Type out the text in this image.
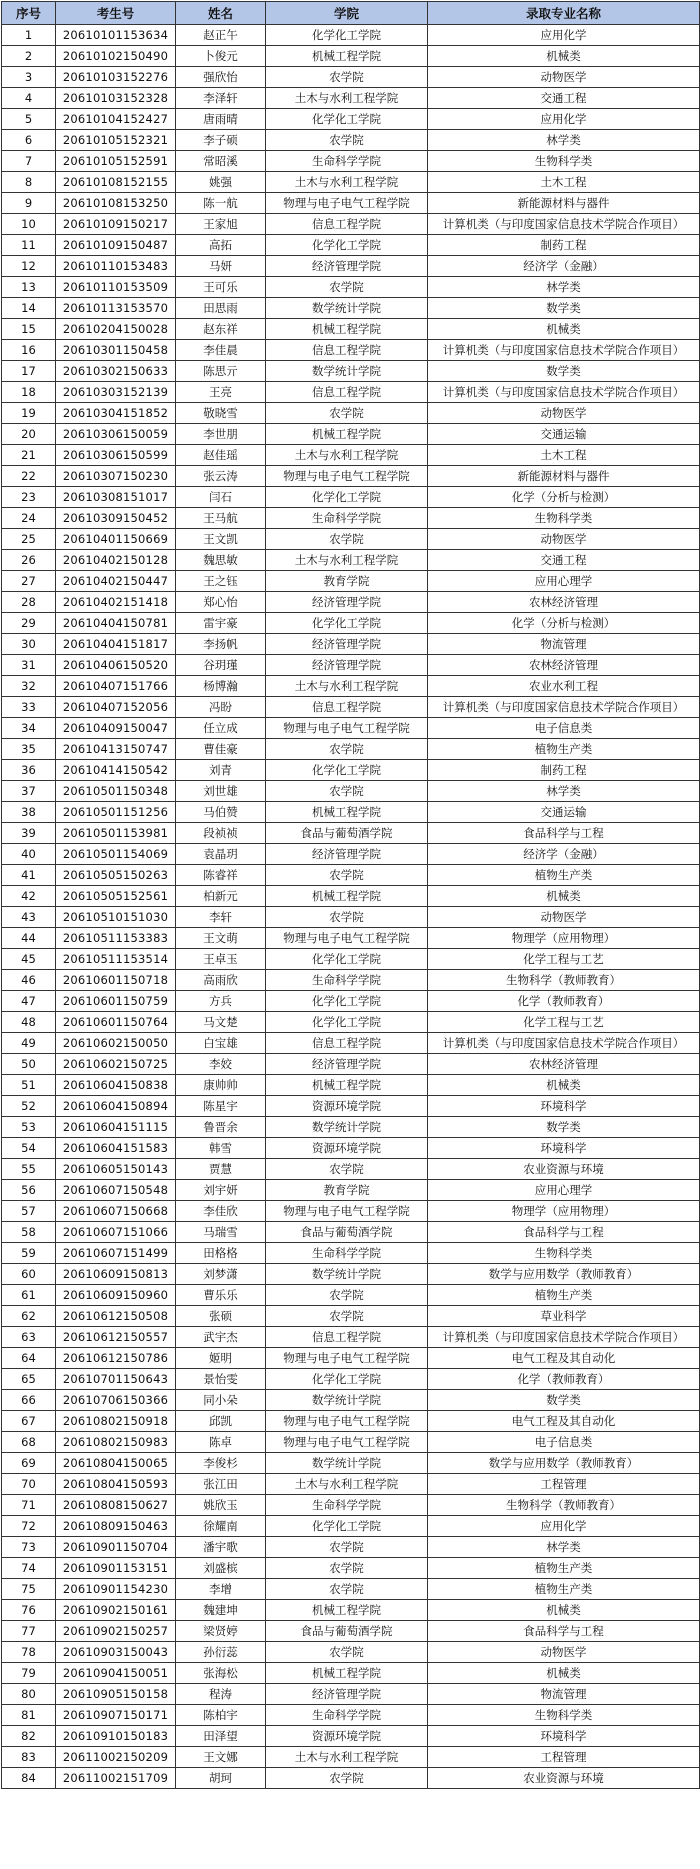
序号	考生号	姓名	学院	录取专业名称
1	20610101153634	赵正午	化学化工学院	应用化学
2	20610102150490	卜俊元	机械工程学院	机械类
3	20610103152276	强欣怡	农学院	动物医学
4	20610103152328	李泽轩	土木与水利工程学院	交通工程
5	20610104152427	唐雨晴	化学化工学院	应用化学
6	20610105152321	李子硕	农学院	林学类
7	20610105152591	常昭溪	生命科学学院	生物科学类
8	20610108152155	姚强	土木与水利工程学院	土木工程
9	20610108153250	陈一航	物理与电子电气工程学院	新能源材料与器件
10	20610109150217	王家旭	信息工程学院	计算机类（与印度国家信息技术学院合作项目）
11	20610109150487	高拓	化学化工学院	制药工程
12	20610110153483	马妍	经济管理学院	经济学（金融）
13	20610110153509	王可乐	农学院	林学类
14	20610113153570	田思雨	数学统计学院	数学类
15	20610204150028	赵东祥	机械工程学院	机械类
16	20610301150458	李佳晨	信息工程学院	计算机类（与印度国家信息技术学院合作项目）
17	20610302150633	陈思亓	数学统计学院	数学类
18	20610303152139	王亮	信息工程学院	计算机类（与印度国家信息技术学院合作项目）
19	20610304151852	敬晓雪	农学院	动物医学
20	20610306150059	李世朋	机械工程学院	交通运输
21	20610306150599	赵佳瑶	土木与水利工程学院	土木工程
22	20610307150230	张云涛	物理与电子电气工程学院	新能源材料与器件
23	20610308151017	闫石	化学化工学院	化学（分析与检测）
24	20610309150452	王马航	生命科学学院	生物科学类
25	20610401150669	王文凯	农学院	动物医学
26	20610402150128	魏思敏	土木与水利工程学院	交通工程
27	20610402150447	王之钰	教育学院	应用心理学
28	20610402151418	郑心怡	经济管理学院	农林经济管理
29	20610404150781	雷宇豪	化学化工学院	化学（分析与检测）
30	20610404151817	李扬帆	经济管理学院	物流管理
31	20610406150520	谷玥瑾	经济管理学院	农林经济管理
32	20610407151766	杨博瀚	土木与水利工程学院	农业水利工程
33	20610407152056	冯盼	信息工程学院	计算机类（与印度国家信息技术学院合作项目）
34	20610409150047	任立成	物理与电子电气工程学院	电子信息类
35	20610413150747	曹佳豪	农学院	植物生产类
36	20610414150542	刘青	化学化工学院	制药工程
37	20610501150348	刘世雄	农学院	林学类
38	20610501151256	马伯赞	机械工程学院	交通运输
39	20610501153981	段祯祯	食品与葡萄酒学院	食品科学与工程
40	20610501154069	袁晶玥	经济管理学院	经济学（金融）
41	20610505150263	陈睿祥	农学院	植物生产类
42	20610505152561	柏新元	机械工程学院	机械类
43	20610510151030	李轩	农学院	动物医学
44	20610511153383	王文萌	物理与电子电气工程学院	物理学（应用物理）
45	20610511153514	王卓玉	化学化工学院	化学工程与工艺
46	20610601150718	高雨欣	生命科学学院	生物科学（教师教育）
47	20610601150759	方兵	化学化工学院	化学（教师教育）
48	20610601150764	马文楚	化学化工学院	化学工程与工艺
49	20610602150050	白宝雄	信息工程学院	计算机类（与印度国家信息技术学院合作项目）
50	20610602150725	李姣	经济管理学院	农林经济管理
51	20610604150838	康帅帅	机械工程学院	机械类
52	20610604150894	陈星宇	资源环境学院	环境科学
53	20610604151115	鲁晋余	数学统计学院	数学类
54	20610604151583	韩雪	资源环境学院	环境科学
55	20610605150143	贾慧	农学院	农业资源与环境
56	20610607150548	刘宇妍	教育学院	应用心理学
57	20610607150668	李佳欣	物理与电子电气工程学院	物理学（应用物理）
58	20610607151066	马瑞雪	食品与葡萄酒学院	食品科学与工程
59	20610607151499	田格格	生命科学学院	生物科学类
60	20610609150813	刘梦潇	数学统计学院	数学与应用数学（教师教育）
61	20610609150960	曹乐乐	农学院	植物生产类
62	20610612150508	张硕	农学院	草业科学
63	20610612150557	武宇杰	信息工程学院	计算机类（与印度国家信息技术学院合作项目）
64	20610612150786	姬明	物理与电子电气工程学院	电气工程及其自动化
65	20610701150643	景怡雯	化学化工学院	化学（教师教育）
66	20610706150366	同小朵	数学统计学院	数学类
67	20610802150918	邱凯	物理与电子电气工程学院	电气工程及其自动化
68	20610802150983	陈卓	物理与电子电气工程学院	电子信息类
69	20610804150065	李俊杉	数学统计学院	数学与应用数学（教师教育）
70	20610804150593	张江田	土木与水利工程学院	工程管理
71	20610808150627	姚欣玉	生命科学学院	生物科学（教师教育）
72	20610809150463	徐耀南	化学化工学院	应用化学
73	20610901150704	潘宇歌	农学院	林学类
74	20610901153151	刘盛槟	农学院	植物生产类
75	20610901154230	李增	农学院	植物生产类
76	20610902150161	魏建坤	机械工程学院	机械类
77	20610902150257	梁贤婷	食品与葡萄酒学院	食品科学与工程
78	20610903150043	孙衍蕊	农学院	动物医学
79	20610904150051	张海松	机械工程学院	机械类
80	20610905150158	程涛	经济管理学院	物流管理
81	20610907150171	陈柏宇	生命科学学院	生物科学类
82	20610910150183	田泽望	资源环境学院	环境科学
83	20611002150209	王文娜	土木与水利工程学院	工程管理
84	20611002151709	胡珂	农学院	农业资源与环境
